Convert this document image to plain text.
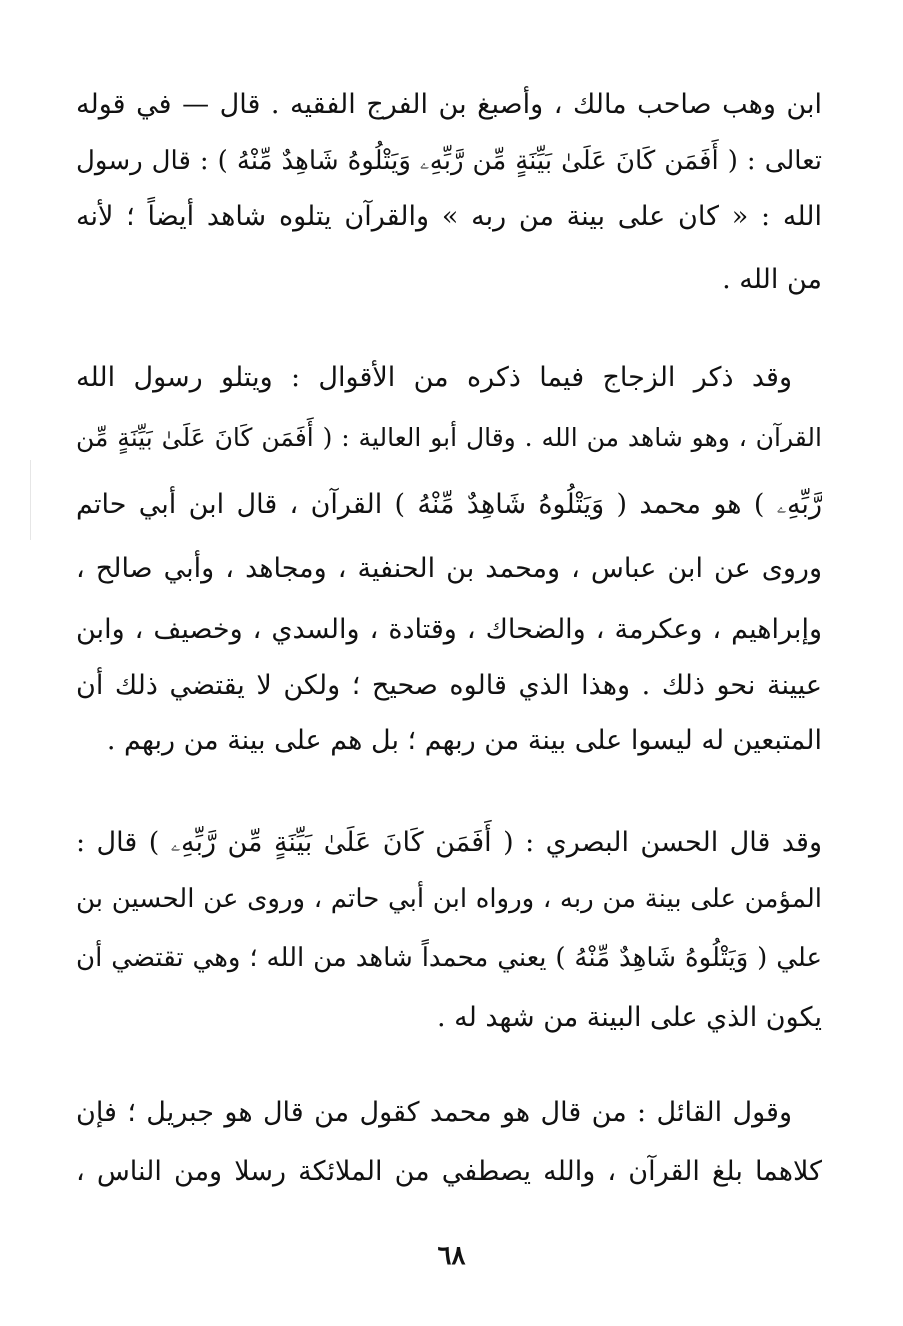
ابن وهب صاحب مالك ، وأصبغ بن الفرج الفقيه . قال — في قوله
تعالى : ( أَفَمَن كَانَ عَلَىٰ بَيِّنَةٍ مِّن رَّبِّهِۦ وَيَتْلُوهُ شَاهِدٌ مِّنْهُ ) : قال رسول
الله : « كان على بينة من ربه » والقرآن يتلوه شاهد أيضاً ؛ لأنه
من الله .
وقد ذكر الزجاج فيما ذكره من الأقوال : ويتلو رسول الله
القرآن ، وهو شاهد من الله . وقال أبو العالية : ( أَفَمَن كَانَ عَلَىٰ بَيِّنَةٍ مِّن
رَّبِّهِۦ ) هو محمد ( وَيَتْلُوهُ شَاهِدٌ مِّنْهُ ) القرآن ، قال ابن أبي حاتم
وروى عن ابن عباس ، ومحمد بن الحنفية ، ومجاهد ، وأبي صالح ،
وإبراهيم ، وعكرمة ، والضحاك ، وقتادة ، والسدي ، وخصيف ، وابن
عيينة نحو ذلك . وهذا الذي قالوه صحيح ؛ ولكن لا يقتضي ذلك أن
المتبعين له ليسوا على بينة من ربهم ؛ بل هم على بينة من ربهم .
وقد قال الحسن البصري : ( أَفَمَن كَانَ عَلَىٰ بَيِّنَةٍ مِّن رَّبِّهِۦ ) قال :
المؤمن على بينة من ربه ، ورواه ابن أبي حاتم ، وروى عن الحسين بن
علي ( وَيَتْلُوهُ شَاهِدٌ مِّنْهُ ) يعني محمداً شاهد من الله ؛ وهي تقتضي أن
يكون الذي على البينة من شهد له .
وقول القائل : من قال هو محمد كقول من قال هو جبريل ؛ فإن
كلاهما بلغ القرآن ، والله يصطفي من الملائكة رسلا ومن الناس ،
٦٨
